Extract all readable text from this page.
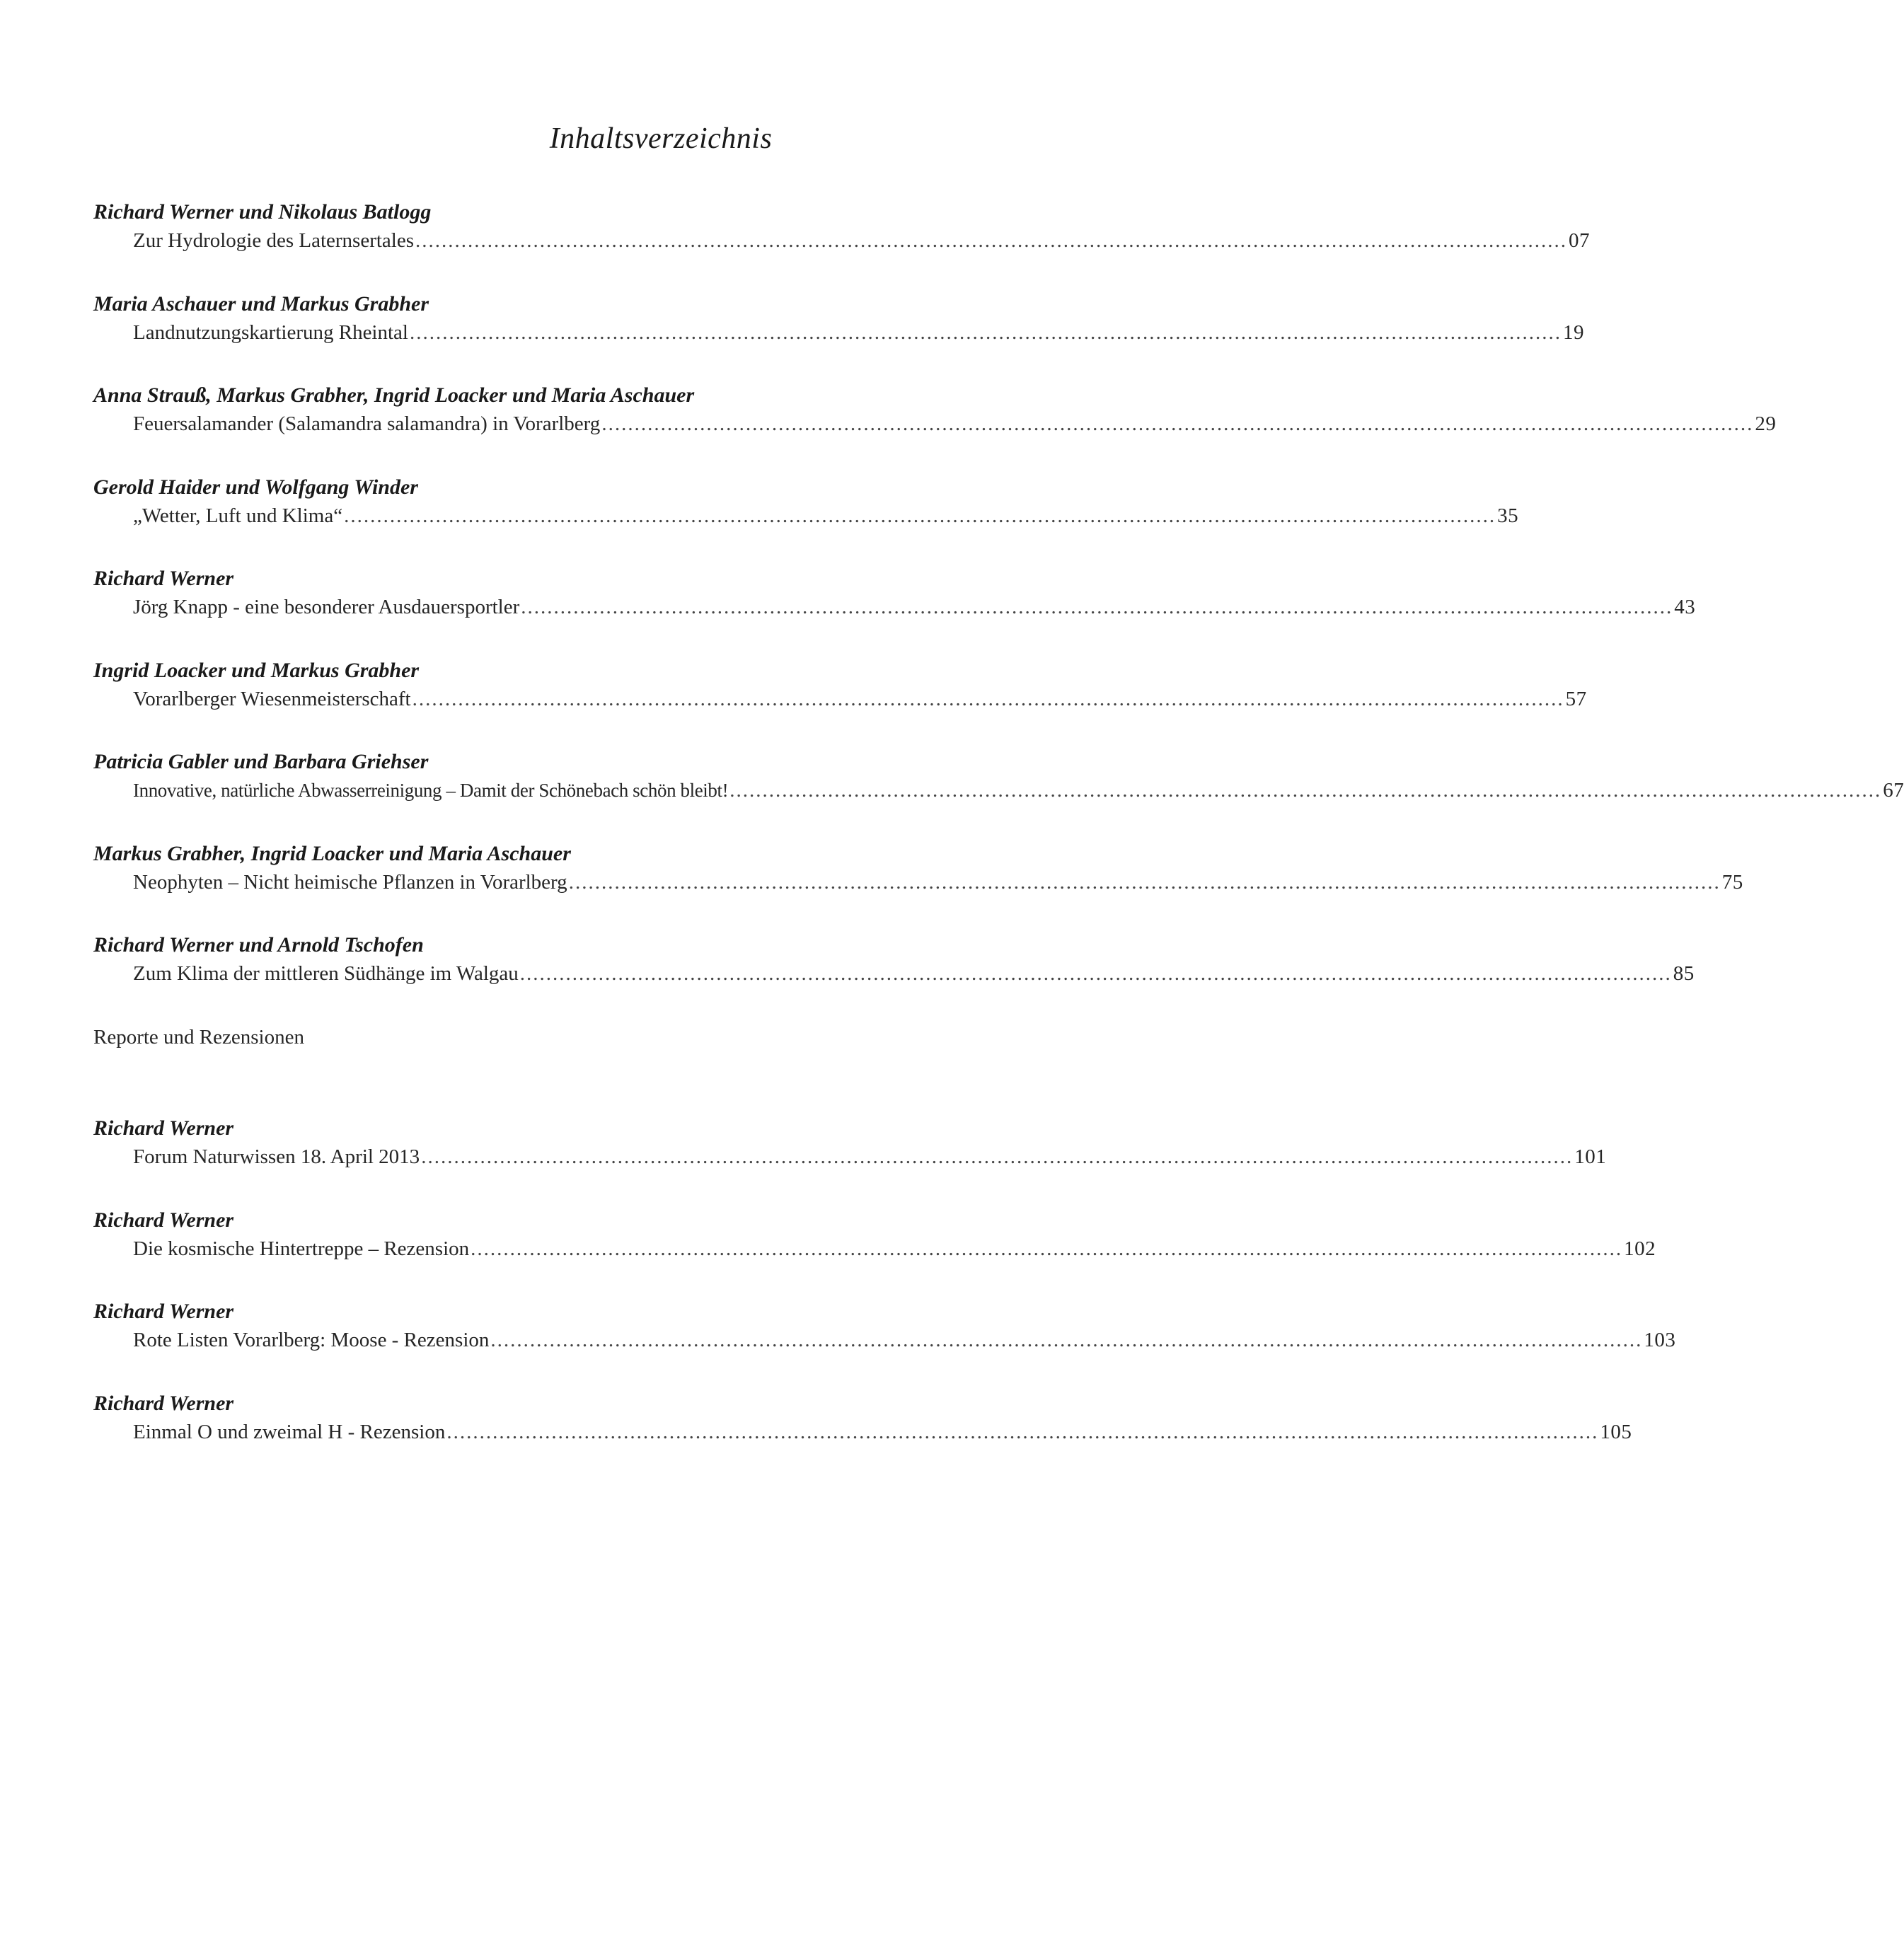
Inhaltsverzeichnis
Richard Werner und Nikolaus Batlogg
Zur Hydrologie des Laternsertales ................................................................................................................................................................................ 07
Maria Aschauer und Markus Grabher
Landnutzungskartierung Rheintal ................................................................................................................................................................................ 19
Anna Strauß, Markus Grabher, Ingrid Loacker und Maria Aschauer
Feuersalamander (Salamandra salamandra) in Vorarlberg ................................................................................................................................................................................ 29
Gerold Haider und Wolfgang Winder
„Wetter, Luft und Klima“ ................................................................................................................................................................................ 35
Richard Werner
Jörg Knapp - eine besonderer Ausdauersportler ................................................................................................................................................................................ 43
Ingrid Loacker und Markus Grabher
Vorarlberger Wiesenmeisterschaft ................................................................................................................................................................................ 57
Patricia Gabler und Barbara Griehser
Innovative, natürliche Abwasserreinigung – Damit der Schönebach schön bleibt! ................................................................................................................................................................................ 67
Markus Grabher, Ingrid Loacker und Maria Aschauer
Neophyten – Nicht heimische Pflanzen in Vorarlberg ................................................................................................................................................................................ 75
Richard Werner und Arnold Tschofen
Zum Klima der mittleren Südhänge im Walgau ................................................................................................................................................................................ 85
Reporte und Rezensionen
Richard Werner
Forum Naturwissen 18. April 2013 ................................................................................................................................................................................ 101
Richard Werner
Die kosmische Hintertreppe – Rezension ................................................................................................................................................................................ 102
Richard Werner
Rote Listen Vorarlberg: Moose - Rezension ................................................................................................................................................................................ 103
Richard Werner
Einmal O und zweimal H - Rezension ................................................................................................................................................................................ 105
